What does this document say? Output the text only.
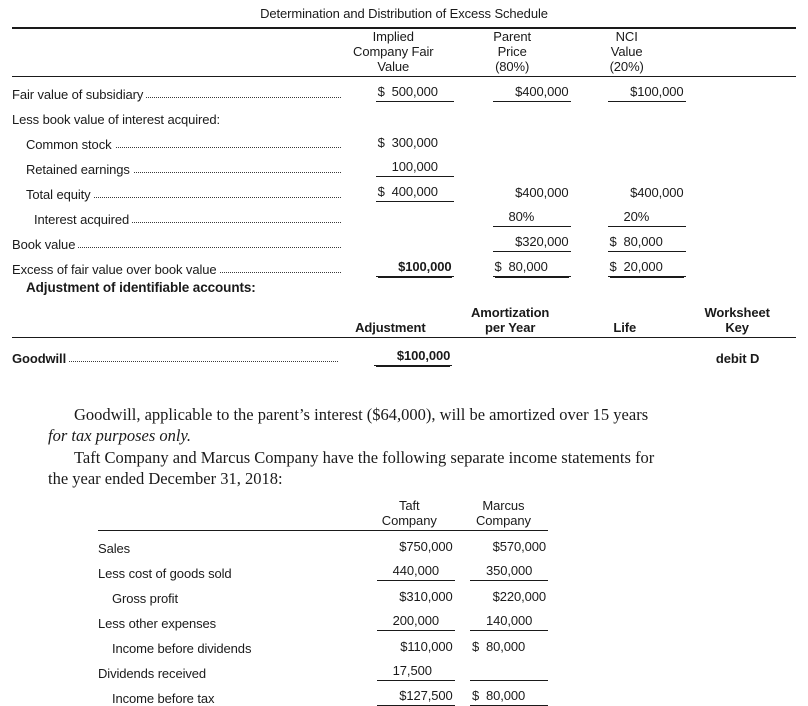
Determination and Distribution of Excess Schedule

Implied
Company Fair
Value

Parent
Price
(80%)

NCI
Value
(20%)

Fair value of subsidiary	$ 500,000	$400,000	$100,000	
Less book value of interest acquired:				

Common stock	$ 300,000			

Retained earnings	100,000			

Total equity	$ 400,000	$400,000	$400,000	

Interest acquired		80%	20%	

Book value		$320,000	$ 80,000	

Excess of fair value over book value	$100,000	$ 80,000	$ 20,000	
Adjustment of identifiable accounts:

Adjustment

Amortization
per Year	Life

Worksheet
Key
Goodwill	$100,000			debit D

Goodwill, applicable to the parent’s interest ($64,000), will be amortized over 15 years for tax purposes only.

Taft Company and Marcus Company have the following separate income statements for the year ended December 31, 2018:

Taft
Company

Marcus
Company
Sales	$750,000	$570,000
Less cost of goods sold	440,000	350,000
Gross profit	$310,000	$220,000
Less other expenses	200,000	140,000
Income before dividends	$110,000	$ 80,000
Dividends received	17,500	
Income before tax	$127,500	$ 80,000
